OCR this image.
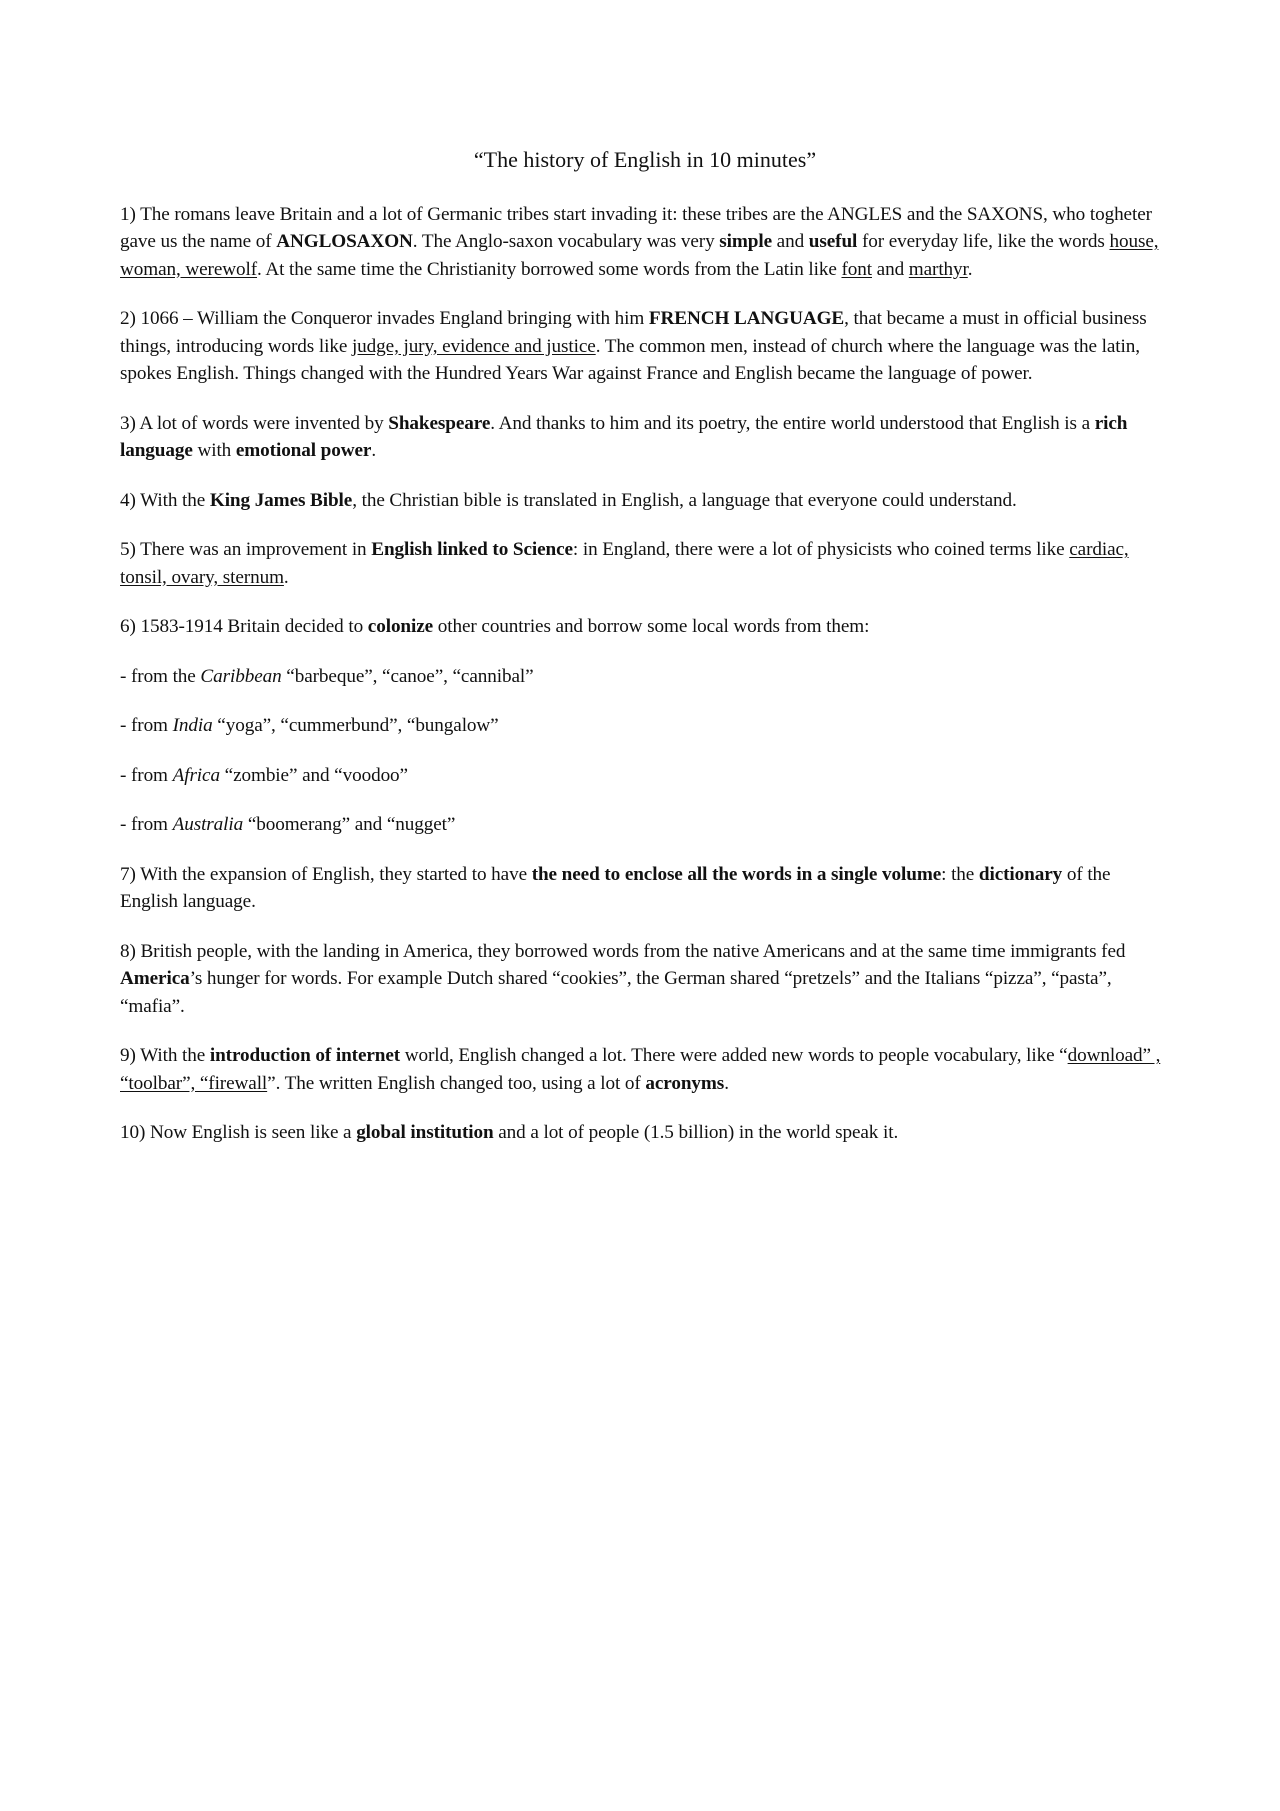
“The history of English in 10 minutes”

1) The romans leave Britain and a lot of Germanic tribes start invading it: these tribes are the ANGLES and the SAXONS, who togheter gave us the name of ANGLOSAXON. The Anglo-saxon vocabulary was very simple and useful for everyday life, like the words house, woman, werewolf. At the same time the Christianity borrowed some words from the Latin like font and marthyr.

2) 1066 – William the Conqueror invades England bringing with him FRENCH LANGUAGE, that became a must in official business things, introducing words like judge, jury, evidence and justice. The common men, instead of church where the language was the latin, spokes English. Things changed with the Hundred Years War against France and English became the language of power.

3) A lot of words were invented by Shakespeare. And thanks to him and its poetry, the entire world understood that English is a rich language with emotional power.

4) With the King James Bible, the Christian bible is translated in English, a language that everyone could understand.

5) There was an improvement in English linked to Science: in England, there were a lot of physicists who coined terms like cardiac, tonsil, ovary, sternum.

6) 1583-1914 Britain decided to colonize other countries and borrow some local words from them:

- from the Caribbean “barbeque”, “canoe”, “cannibal”

- from India “yoga”, “cummerbund”, “bungalow”

- from Africa “zombie” and “voodoo”

- from Australia “boomerang” and “nugget”

7) With the expansion of English, they started to have the need to enclose all the words in a single volume: the dictionary of the English language.

8) British people, with the landing in America, they borrowed words from the native Americans and at the same time immigrants fed America’s hunger for words. For example Dutch shared “cookies”, the German shared “pretzels” and the Italians “pizza”, “pasta”, “mafia”.

9) With the introduction of internet world, English changed a lot. There were added new words to people vocabulary, like “download” , “toolbar”, “firewall”. The written English changed too, using a lot of acronyms.

10) Now English is seen like a global institution and a lot of people (1.5 billion) in the world speak it.
